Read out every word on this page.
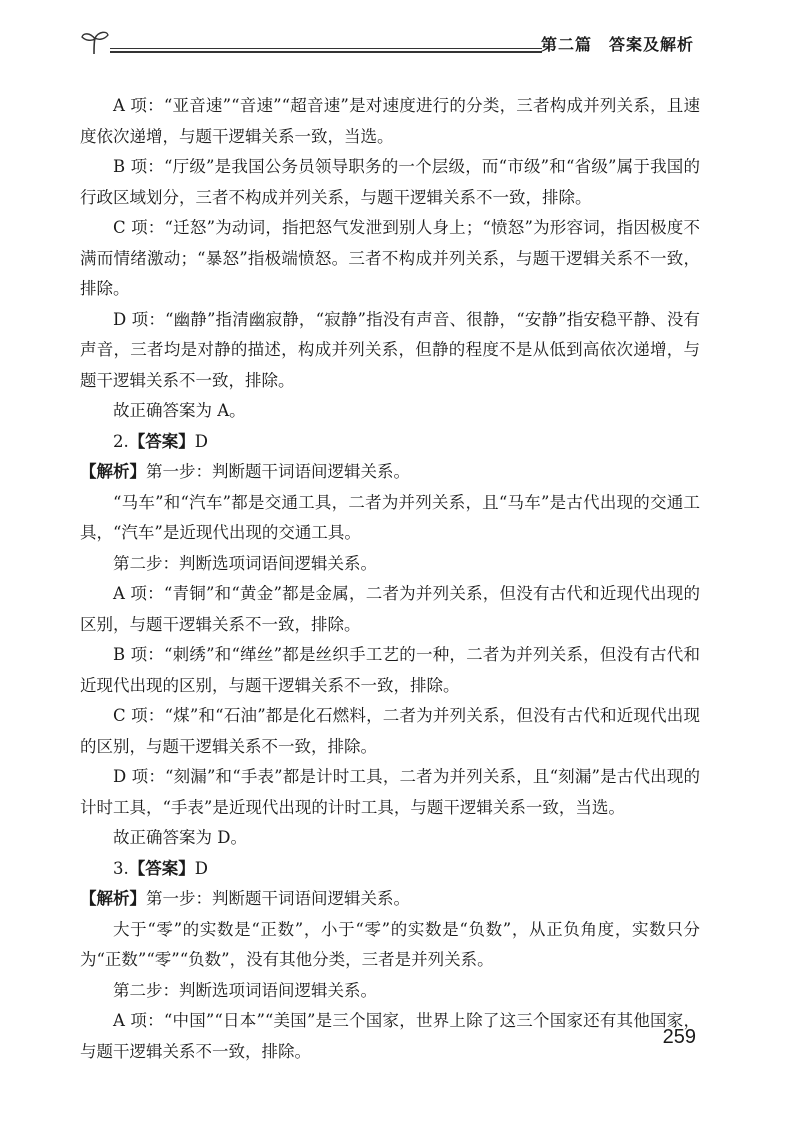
第二篇　答案及解析

A 项：“亚音速”“音速”“超音速”是对速度进行的分类，三者构成并列关系，且速度依次递增，与题干逻辑关系一致，当选。

B 项：“厅级”是我国公务员领导职务的一个层级，而“市级”和“省级”属于我国的行政区域划分，三者不构成并列关系，与题干逻辑关系不一致，排除。

C 项：“迁怒”为动词，指把怒气发泄到别人身上；“愤怒”为形容词，指因极度不满而情绪激动；“暴怒”指极端愤怒。三者不构成并列关系，与题干逻辑关系不一致，排除。

D 项：“幽静”指清幽寂静，“寂静”指没有声音、很静，“安静”指安稳平静、没有声音，三者均是对静的描述，构成并列关系，但静的程度不是从低到高依次递增，与题干逻辑关系不一致，排除。

故正确答案为 A。

2.【答案】D

【解析】第一步：判断题干词语间逻辑关系。

“马车”和“汽车”都是交通工具，二者为并列关系，且“马车”是古代出现的交通工具，“汽车”是近现代出现的交通工具。

第二步：判断选项词语间逻辑关系。

A 项：“青铜”和“黄金”都是金属，二者为并列关系，但没有古代和近现代出现的区别，与题干逻辑关系不一致，排除。

B 项：“刺绣”和“缂丝”都是丝织手工艺的一种，二者为并列关系，但没有古代和近现代出现的区别，与题干逻辑关系不一致，排除。

C 项：“煤”和“石油”都是化石燃料，二者为并列关系，但没有古代和近现代出现的区别，与题干逻辑关系不一致，排除。

D 项：“刻漏”和“手表”都是计时工具，二者为并列关系，且“刻漏”是古代出现的计时工具，“手表”是近现代出现的计时工具，与题干逻辑关系一致，当选。

故正确答案为 D。

3.【答案】D

【解析】第一步：判断题干词语间逻辑关系。

大于“零”的实数是“正数”，小于“零”的实数是“负数”，从正负角度，实数只分为“正数”“零”“负数”，没有其他分类，三者是并列关系。

第二步：判断选项词语间逻辑关系。

A 项：“中国”“日本”“美国”是三个国家，世界上除了这三个国家还有其他国家，与题干逻辑关系不一致，排除。

259
